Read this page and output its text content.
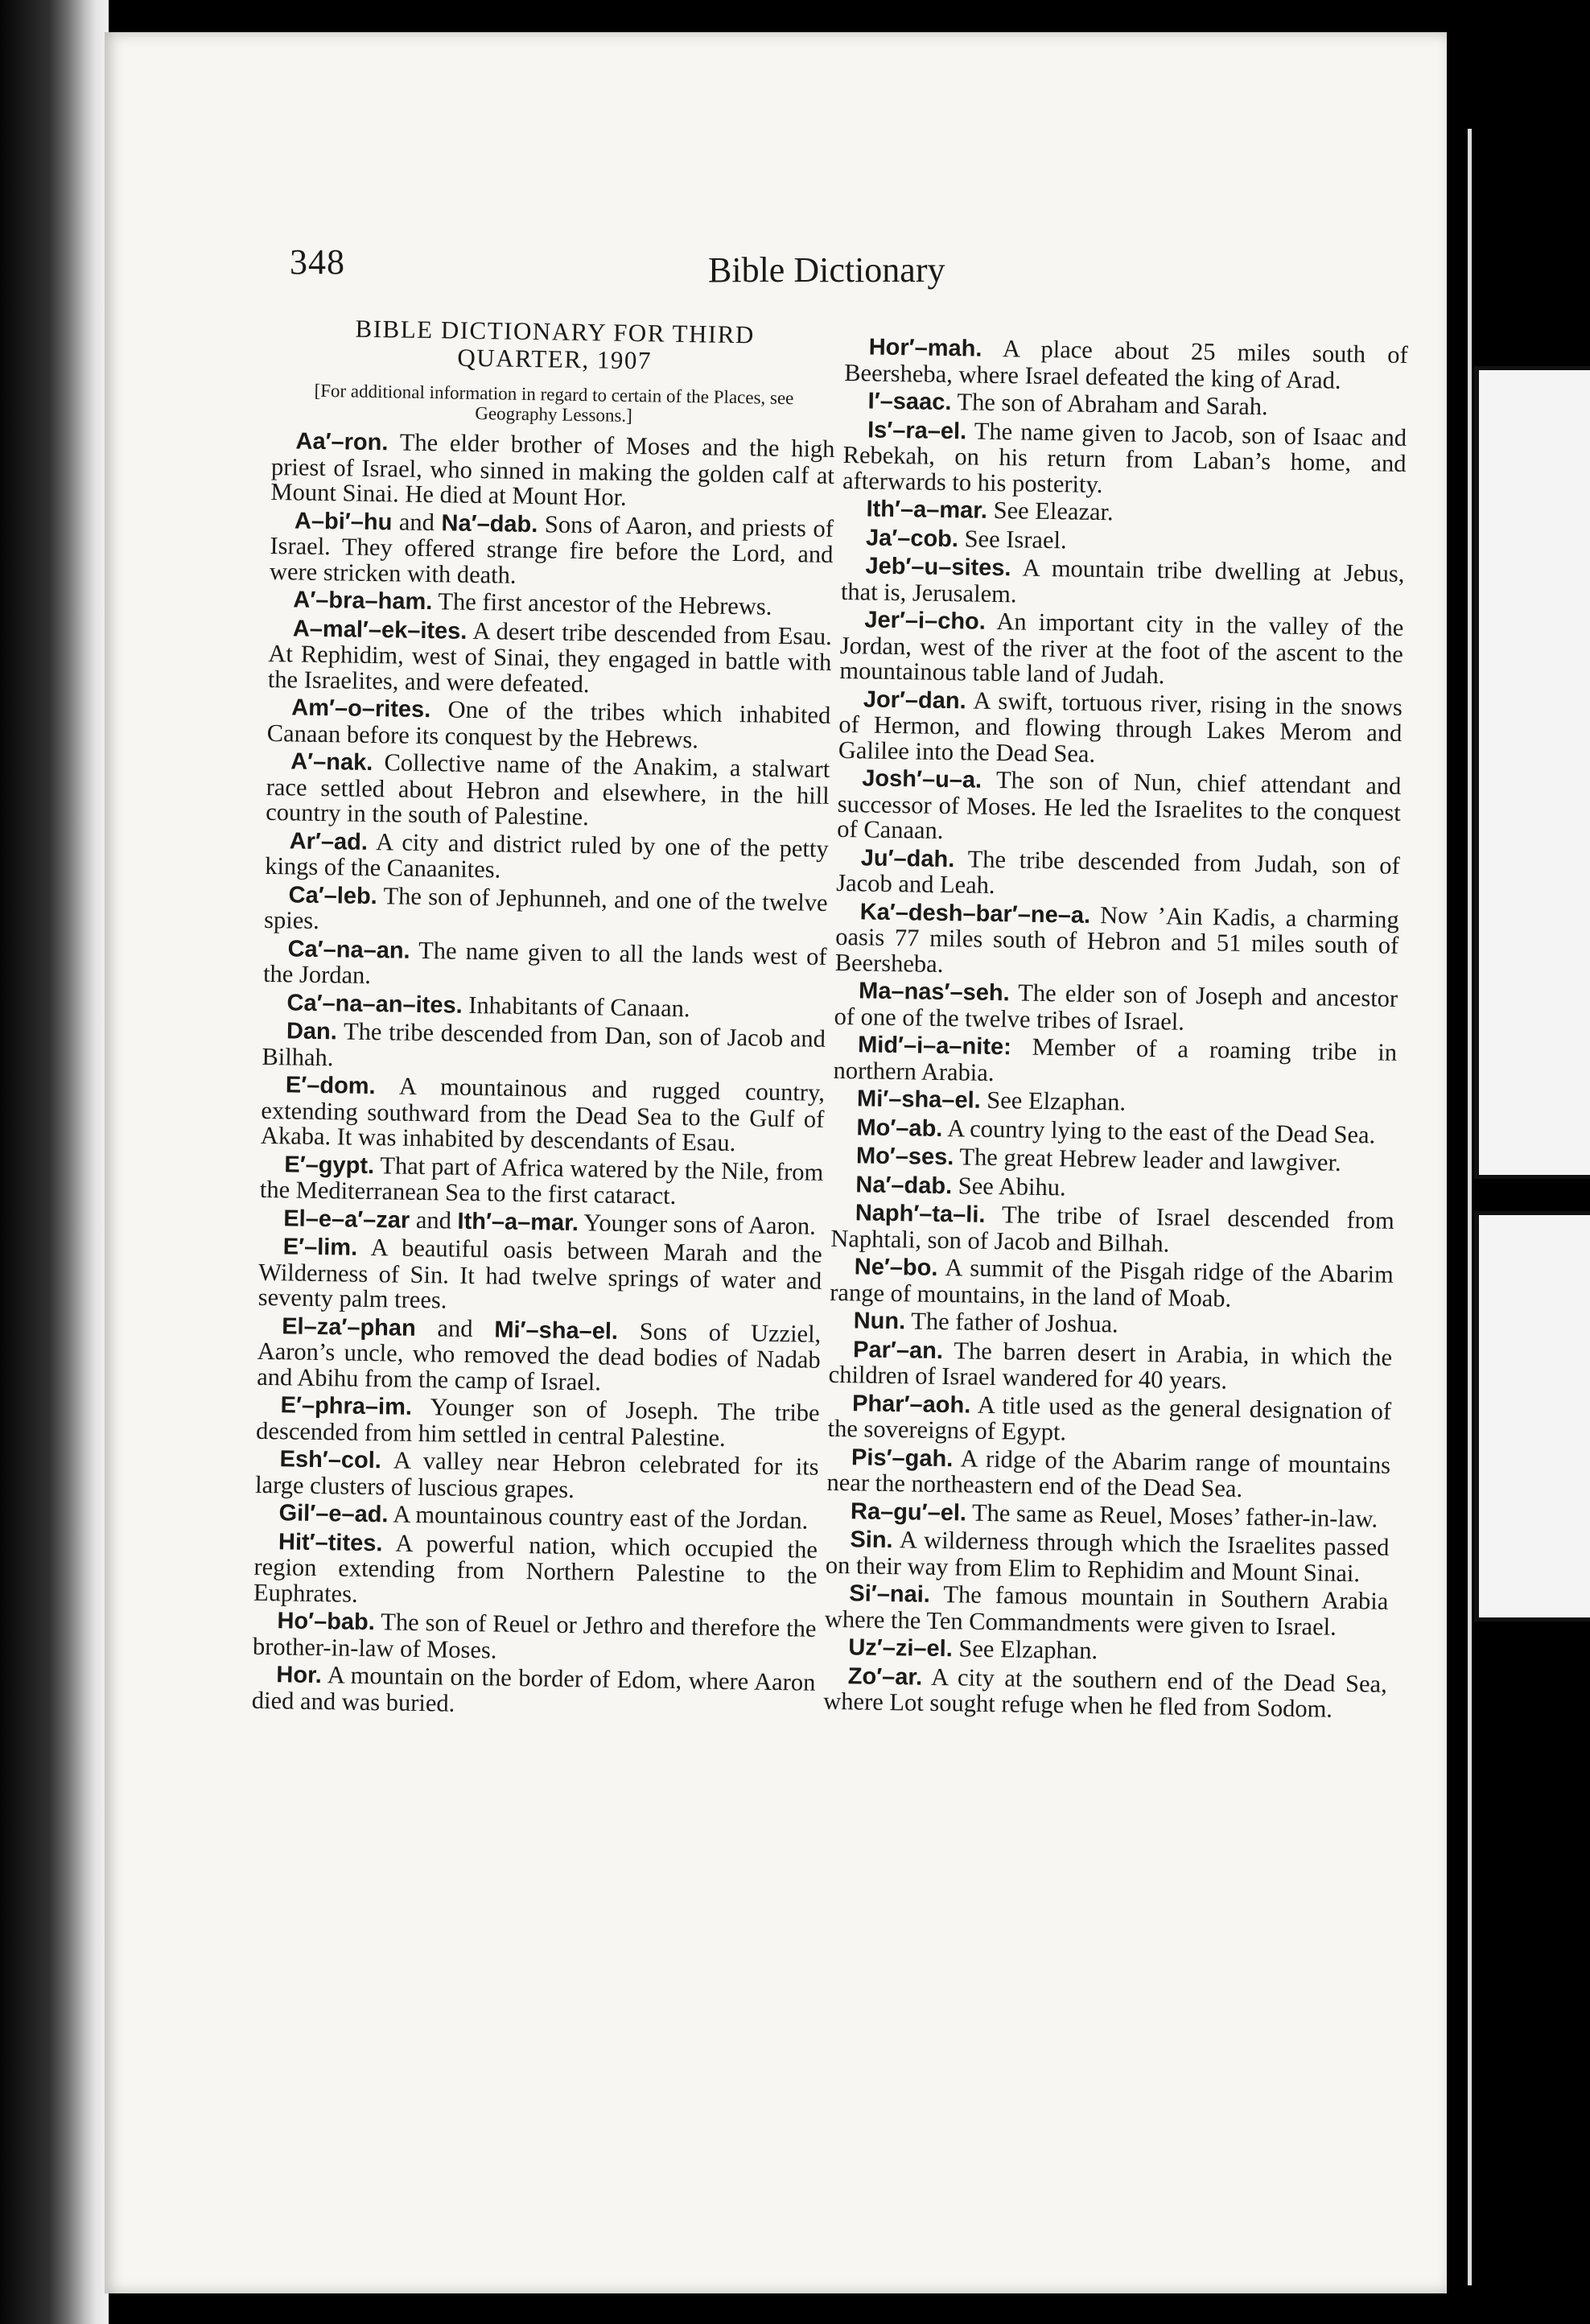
348	Bible Dictionary
BIBLE DICTIONARY FOR THIRD
QUARTER, 1907
[For additional information in regard to certain of the Places, see Geography Lessons.]

Aa′–ron. The elder brother of Moses and the high priest of Israel, who sinned in making the golden calf at Mount Sinai. He died at Mount Hor.

A–bi′–hu and Na′–dab. Sons of Aaron, and priests of Israel. They offered strange fire before the Lord, and were stricken with death.

A′–bra–ham. The first ancestor of the Hebrews.

A–mal′–ek–ites. A desert tribe descended from Esau. At Rephidim, west of Sinai, they engaged in battle with the Israelites, and were defeated.

Am′–o–rites. One of the tribes which inhabited Canaan before its conquest by the Hebrews.

A′–nak. Collective name of the Anakim, a stalwart race settled about Hebron and elsewhere, in the hill country in the south of Palestine.

Ar′–ad. A city and district ruled by one of the petty kings of the Canaanites.

Ca′–leb. The son of Jephunneh, and one of the twelve spies.

Ca′–na–an. The name given to all the lands west of the Jordan.

Ca′–na–an–ites. Inhabitants of Canaan.

Dan. The tribe descended from Dan, son of Jacob and Bilhah.

E′–dom. A mountainous and rugged country, extending southward from the Dead Sea to the Gulf of Akaba. It was inhabited by descendants of Esau.

E′–gypt. That part of Africa watered by the Nile, from the Mediterranean Sea to the first cataract.

El–e–a′–zar and Ith′–a–mar. Younger sons of Aaron.

E′–lim. A beautiful oasis between Marah and the Wilderness of Sin. It had twelve springs of water and seventy palm trees.

El–za′–phan and Mi′–sha–el. Sons of Uzziel, Aaron’s uncle, who removed the dead bodies of Nadab and Abihu from the camp of Israel.

E′–phra–im. Younger son of Joseph. The tribe descended from him settled in central Palestine.

Esh′–col. A valley near Hebron celebrated for its large clusters of luscious grapes.

Gil′–e–ad. A mountainous country east of the Jordan.

Hit′–tites. A powerful nation, which occupied the region extending from Northern Palestine to the Euphrates.

Ho′–bab. The son of Reuel or Jethro and therefore the brother-in-law of Moses.

Hor. A mountain on the border of Edom, where Aaron died and was buried.

Hor′–mah. A place about 25 miles south of Beersheba, where Israel defeated the king of Arad.

I′–saac. The son of Abraham and Sarah.

Is′–ra–el. The name given to Jacob, son of Isaac and Rebekah, on his return from Laban’s home, and afterwards to his posterity.

Ith′–a–mar. See Eleazar.

Ja′–cob. See Israel.

Jeb′–u–sites. A mountain tribe dwelling at Jebus, that is, Jerusalem.

Jer′–i–cho. An important city in the valley of the Jordan, west of the river at the foot of the ascent to the mountainous table land of Judah.

Jor′–dan. A swift, tortuous river, rising in the snows of Hermon, and flowing through Lakes Merom and Galilee into the Dead Sea.

Josh′–u–a. The son of Nun, chief attendant and successor of Moses. He led the Israelites to the conquest of Canaan.

Ju′–dah. The tribe descended from Judah, son of Jacob and Leah.

Ka′–desh–bar′–ne–a. Now ’Ain Kadis, a charming oasis 77 miles south of Hebron and 51 miles south of Beersheba.

Ma–nas′–seh. The elder son of Joseph and ancestor of one of the twelve tribes of Israel.

Mid′–i–a–nite: Member of a roaming tribe in northern Arabia.

Mi′–sha–el. See Elzaphan.

Mo′–ab. A country lying to the east of the Dead Sea.

Mo′–ses. The great Hebrew leader and lawgiver.

Na′–dab. See Abihu.

Naph′–ta–li. The tribe of Israel descended from Naphtali, son of Jacob and Bilhah.

Ne′–bo. A summit of the Pisgah ridge of the Abarim range of mountains, in the land of Moab.

Nun. The father of Joshua.

Par′–an. The barren desert in Arabia, in which the children of Israel wandered for 40 years.

Phar′–aoh. A title used as the general designation of the sovereigns of Egypt.

Pis′–gah. A ridge of the Abarim range of mountains near the northeastern end of the Dead Sea.

Ra–gu′–el. The same as Reuel, Moses’ father-in-law.

Sin. A wilderness through which the Israelites passed on their way from Elim to Rephidim and Mount Sinai.

Si′–nai. The famous mountain in Southern Arabia where the Ten Commandments were given to Israel.

Uz′–zi–el. See Elzaphan.

Zo′–ar. A city at the southern end of the Dead Sea, where Lot sought refuge when he fled from Sodom.
